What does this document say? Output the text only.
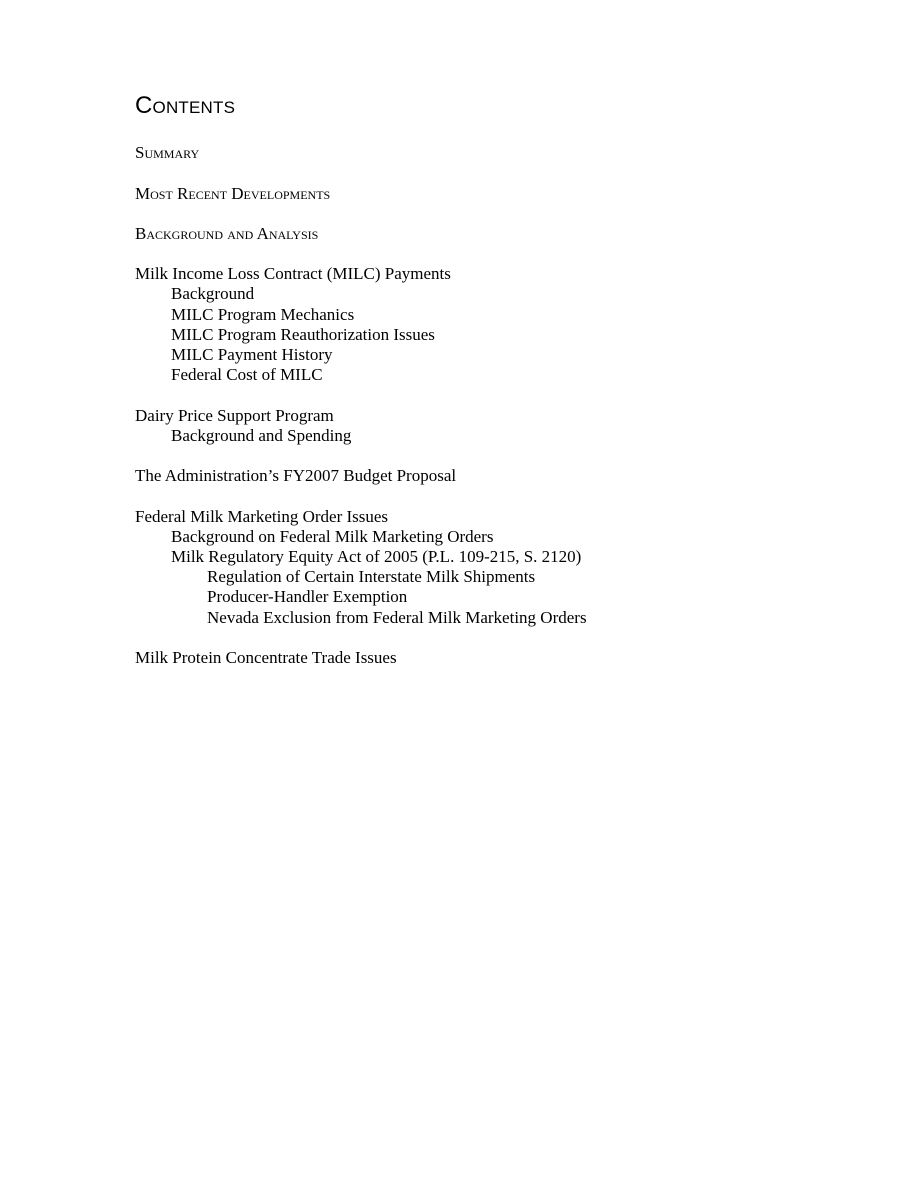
Contents
Summary
Most Recent Developments
Background and Analysis
Milk Income Loss Contract (MILC) Payments
Background
MILC Program Mechanics
MILC Program Reauthorization Issues
MILC Payment History
Federal Cost of MILC
Dairy Price Support Program
Background and Spending
The Administration’s FY2007 Budget Proposal
Federal Milk Marketing Order Issues
Background on Federal Milk Marketing Orders
Milk Regulatory Equity Act of 2005 (P.L. 109-215, S. 2120)
Regulation of Certain Interstate Milk Shipments
Producer-Handler Exemption
Nevada Exclusion from Federal Milk Marketing Orders
Milk Protein Concentrate Trade Issues
